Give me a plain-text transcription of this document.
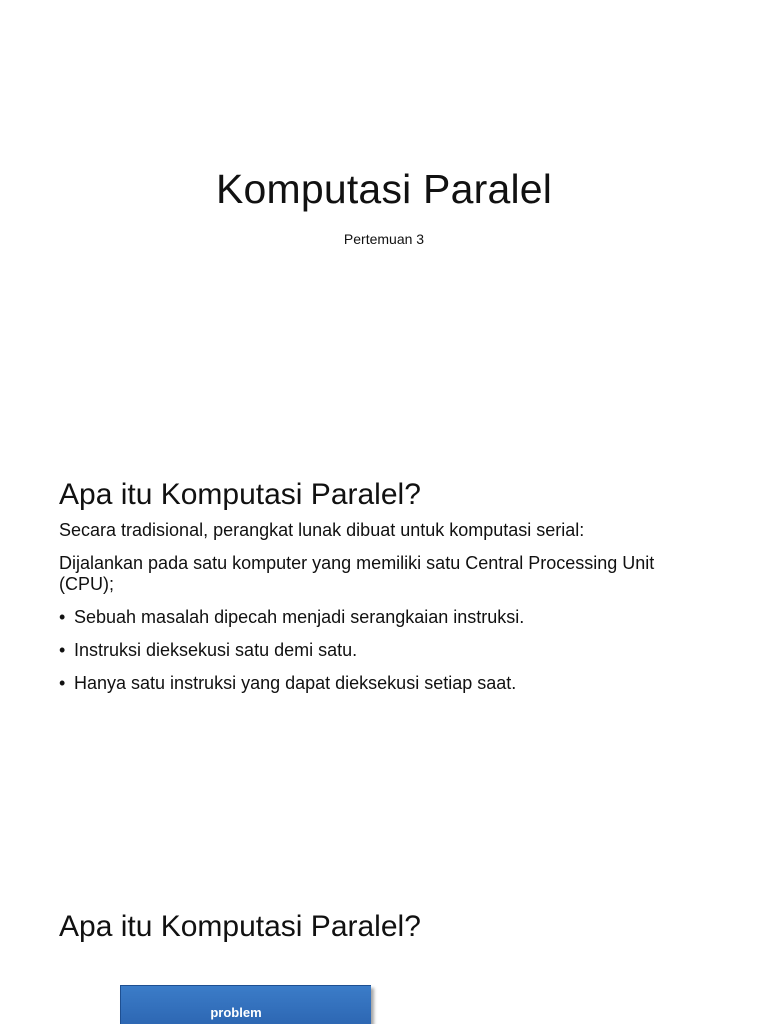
Komputasi Paralel
Pertemuan 3
Apa itu Komputasi Paralel?

Secara tradisional, perangkat lunak dibuat untuk komputasi serial:

Dijalankan pada satu komputer yang memiliki satu Central Processing Unit (CPU);

• Sebuah masalah dipecah menjadi serangkaian instruksi.
• Instruksi dieksekusi satu demi satu.
• Hanya satu instruksi yang dapat dieksekusi setiap saat.
Apa itu Komputasi Paralel?
problem
